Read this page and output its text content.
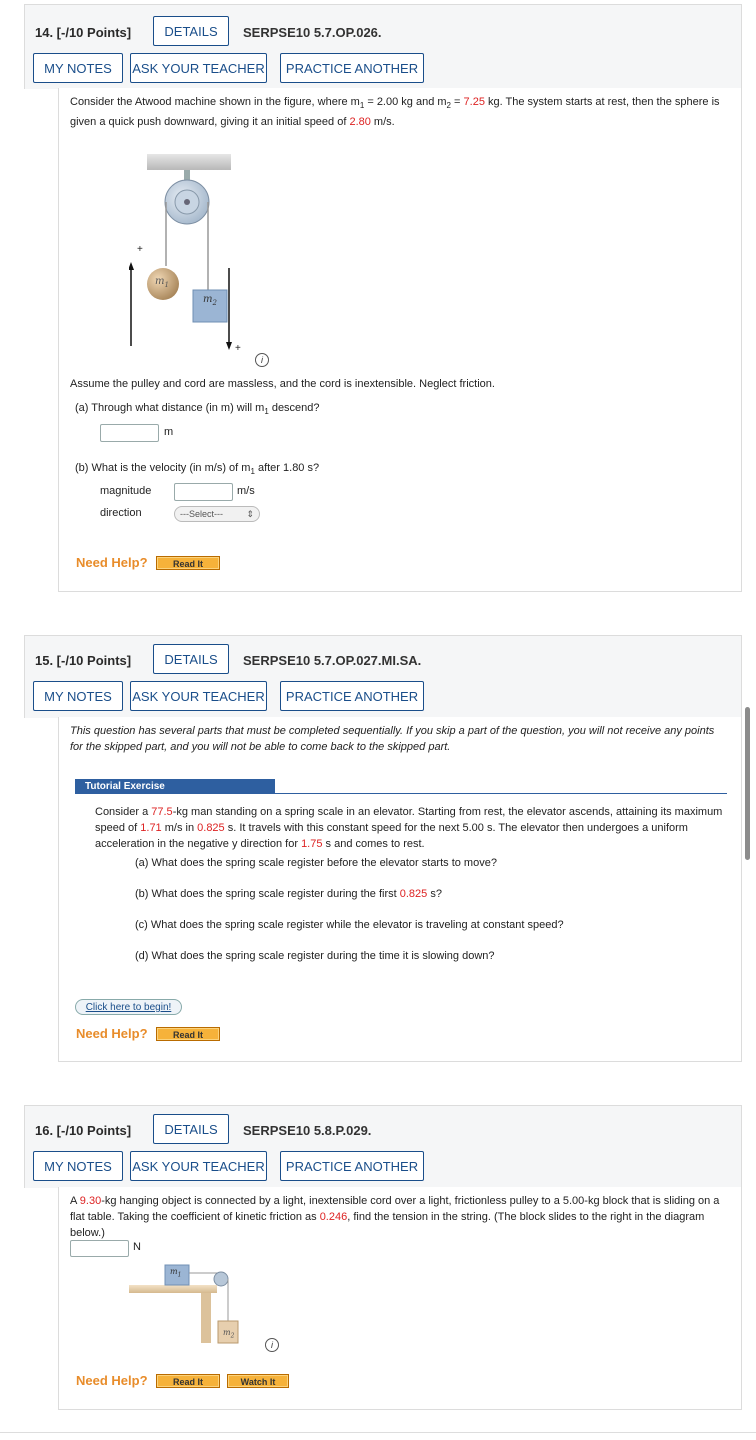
14. [-/10 Points]	DETAILS	SERPSE10 5.7.OP.026.
MY NOTES	ASK YOUR TEACHER	PRACTICE ANOTHER
Consider the Atwood machine shown in the figure, where $m_1 = 2.00$ kg and $m_2 = 7.25$ kg. The system starts at rest, then the sphere is given a quick push downward, giving it an initial speed of 2.80 m/s.
$m_1$
$m_2$
+
+
i
Assume the pulley and cord are massless, and the cord is inextensible. Neglect friction.
(a) Through what distance (in m) will $m_1$ descend?
m
(b) What is the velocity (in m/s) of $m_1$ after 1.80 s?
magnitude	m/s
direction	---Select---	⇕
Need Help?	Read It
15. [-/10 Points]	DETAILS	SERPSE10 5.7.OP.027.MI.SA.
MY NOTES	ASK YOUR TEACHER	PRACTICE ANOTHER
This question has several parts that must be completed sequentially. If you skip a part of the question, you will not receive any points for the skipped part, and you will not be able to come back to the skipped part.
Tutorial Exercise
Consider a 77.5-kg man standing on a spring scale in an elevator. Starting from rest, the elevator ascends, attaining its maximum speed of 1.71 m/s in 0.825 s. It travels with this constant speed for the next 5.00 s. The elevator then undergoes a uniform acceleration in the negative y direction for 1.75 s and comes to rest.
(a) What does the spring scale register before the elevator starts to move?
(b) What does the spring scale register during the first 0.825 s?
(c) What does the spring scale register while the elevator is traveling at constant speed?
(d) What does the spring scale register during the time it is slowing down?
Click here to begin!
Need Help?	Read It
16. [-/10 Points]	DETAILS	SERPSE10 5.8.P.029.
MY NOTES	ASK YOUR TEACHER	PRACTICE ANOTHER
A 9.30-kg hanging object is connected by a light, inextensible cord over a light, frictionless pulley to a 5.00-kg block that is sliding on a flat table. Taking the coefficient of kinetic friction as 0.246, find the tension in the string. (The block slides to the right in the diagram below.)
N
$m_1$
$m_2$
i
Need Help?	Read It	Watch It
